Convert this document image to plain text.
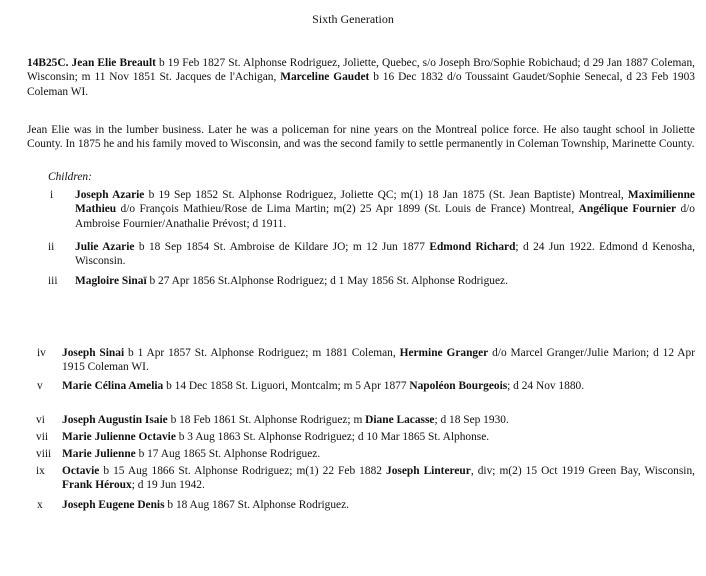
Sixth Generation
14B25C. Jean Elie Breault b 19 Feb 1827 St. Alphonse Rodriguez, Joliette, Quebec, s/o Joseph Bro/Sophie Robichaud; d 29 Jan 1887 Coleman, Wisconsin; m 11 Nov 1851 St. Jacques de l'Achigan, Marceline Gaudet b 16 Dec 1832 d/o Toussaint Gaudet/Sophie Senecal, d 23 Feb 1903 Coleman WI.
Jean Elie was in the lumber business. Later he was a policeman for nine years on the Montreal police force. He also taught school in Joliette County. In 1875 he and his family moved to Wisconsin, and was the second family to settle permanently in Coleman Township, Marinette County.
Children:
i	Joseph Azarie b 19 Sep 1852 St. Alphonse Rodriguez, Joliette QC; m(1) 18 Jan 1875 (St. Jean Baptiste) Montreal, Maximilienne Mathieu d/o François Mathieu/Rose de Lima Martin; m(2) 25 Apr 1899 (St. Louis de France) Montreal, Angélique Fournier d/o Ambroise Fournier/Anathalie Prévost; d 1911.
ii	Julie Azarie b 18 Sep 1854 St. Ambroise de Kildare JO; m 12 Jun 1877 Edmond Richard; d 24 Jun 1922. Edmond d Kenosha, Wisconsin.
iii	Magloire Sinaï b 27 Apr 1856 St.Alphonse Rodriguez; d 1 May 1856 St. Alphonse Rodriguez.
iv	Joseph Sinai b 1 Apr 1857 St. Alphonse Rodriguez; m 1881 Coleman, Hermine Granger d/o Marcel Granger/Julie Marion; d 12 Apr 1915 Coleman WI.
v	Marie Célina Amelia b 14 Dec 1858 St. Liguori, Montcalm; m 5 Apr 1877 Napoléon Bourgeois; d 24 Nov 1880.
vi	Joseph Augustin Isaie b 18 Feb 1861 St. Alphonse Rodriguez; m Diane Lacasse; d 18 Sep 1930.
vii	Marie Julienne Octavie b 3 Aug 1863 St. Alphonse Rodriguez; d 10 Mar 1865 St. Alphonse.
viii Marie Julienne b 17 Aug 1865 St. Alphonse Rodriguez.
ix	Octavie b 15 Aug 1866 St. Alphonse Rodriguez; m(1) 22 Feb 1882 Joseph Lintereur, div; m(2) 15 Oct 1919 Green Bay, Wisconsin, Frank Héroux; d 19 Jun 1942.
x	Joseph Eugene Denis b 18 Aug 1867 St. Alphonse Rodriguez.
